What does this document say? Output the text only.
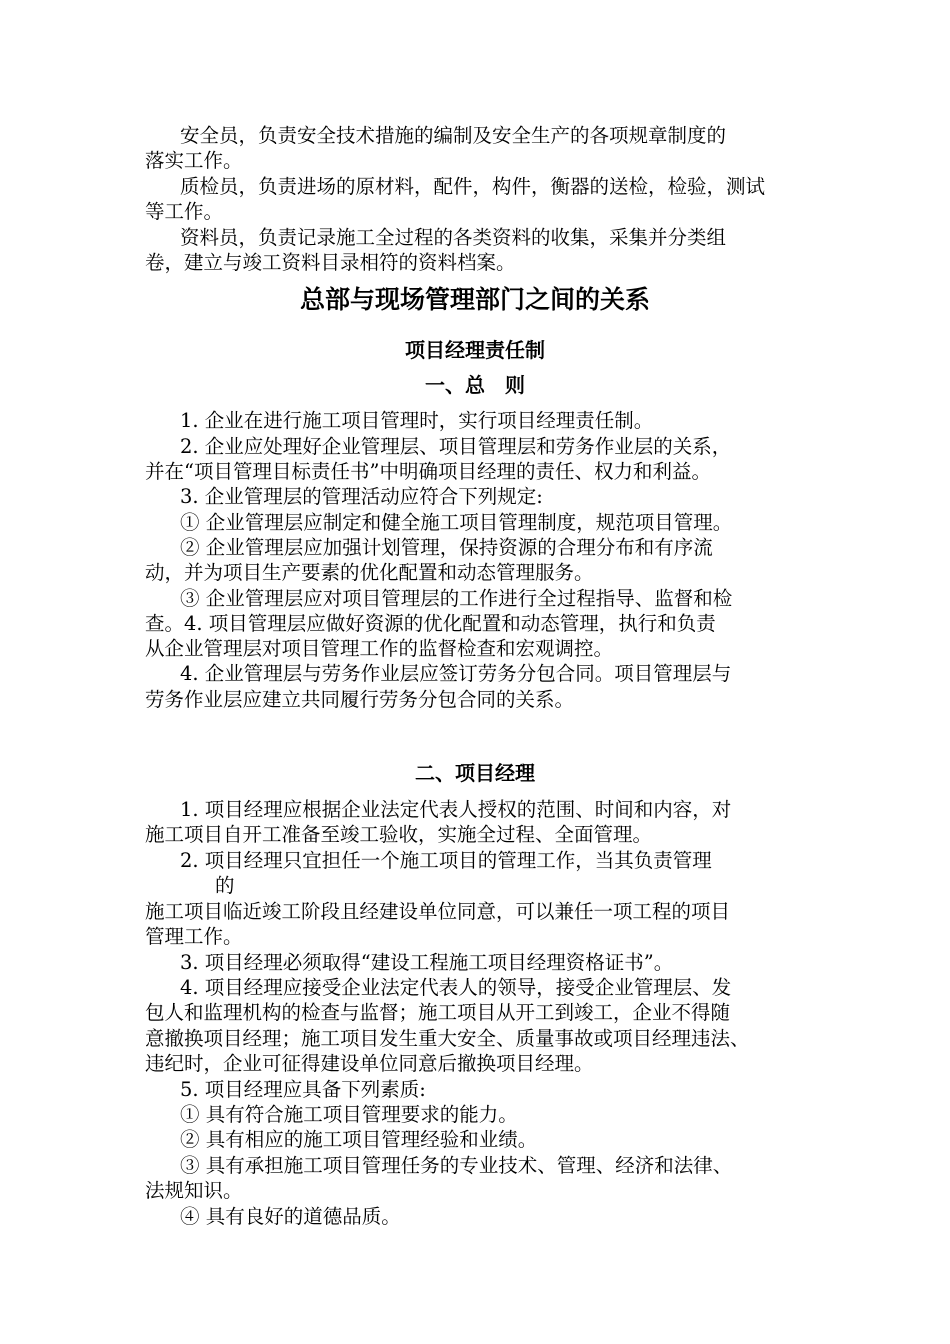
安全员，负责安全技术措施的编制及安全生产的各项规章制度的

落实工作。

质检员，负责进场的原材料，配件，构件，衡器的送检，检验，测试

等工作。

资料员，负责记录施工全过程的各类资料的收集，采集并分类组

卷，建立与竣工资料目录相符的资料档案。

总部与现场管理部门之间的关系
项目经理责任制
一、总　则

1. 企业在进行施工项目管理时，实行项目经理责任制。

2. 企业应处理好企业管理层、项目管理层和劳务作业层的关系，

并在“项目管理目标责任书”中明确项目经理的责任、权力和利益。

3. 企业管理层的管理活动应符合下列规定:

① 企业管理层应制定和健全施工项目管理制度，规范项目管理。

② 企业管理层应加强计划管理，保持资源的合理分布和有序流

动，并为项目生产要素的优化配置和动态管理服务。

③ 企业管理层应对项目管理层的工作进行全过程指导、监督和检

查。4. 项目管理层应做好资源的优化配置和动态管理，执行和负责

从企业管理层对项目管理工作的监督检查和宏观调控。

4. 企业管理层与劳务作业层应签订劳务分包合同。项目管理层与

劳务作业层应建立共同履行劳务分包合同的关系。

二、项目经理

1. 项目经理应根据企业法定代表人授权的范围、时间和内容，对

施工项目自开工准备至竣工验收，实施全过程、全面管理。

2. 项目经理只宜担任一个施工项目的管理工作，当其负责管理

的

施工项目临近竣工阶段且经建设单位同意，可以兼任一项工程的项目

管理工作。

3. 项目经理必须取得“建设工程施工项目经理资格证书”。

4. 项目经理应接受企业法定代表人的领导，接受企业管理层、发

包人和监理机构的检查与监督；施工项目从开工到竣工，企业不得随

意撤换项目经理；施工项目发生重大安全、质量事故或项目经理违法、

违纪时，企业可征得建设单位同意后撤换项目经理。

5. 项目经理应具备下列素质:

① 具有符合施工项目管理要求的能力。

② 具有相应的施工项目管理经验和业绩。

③ 具有承担施工项目管理任务的专业技术、管理、经济和法律、

法规知识。

④ 具有良好的道德品质。
